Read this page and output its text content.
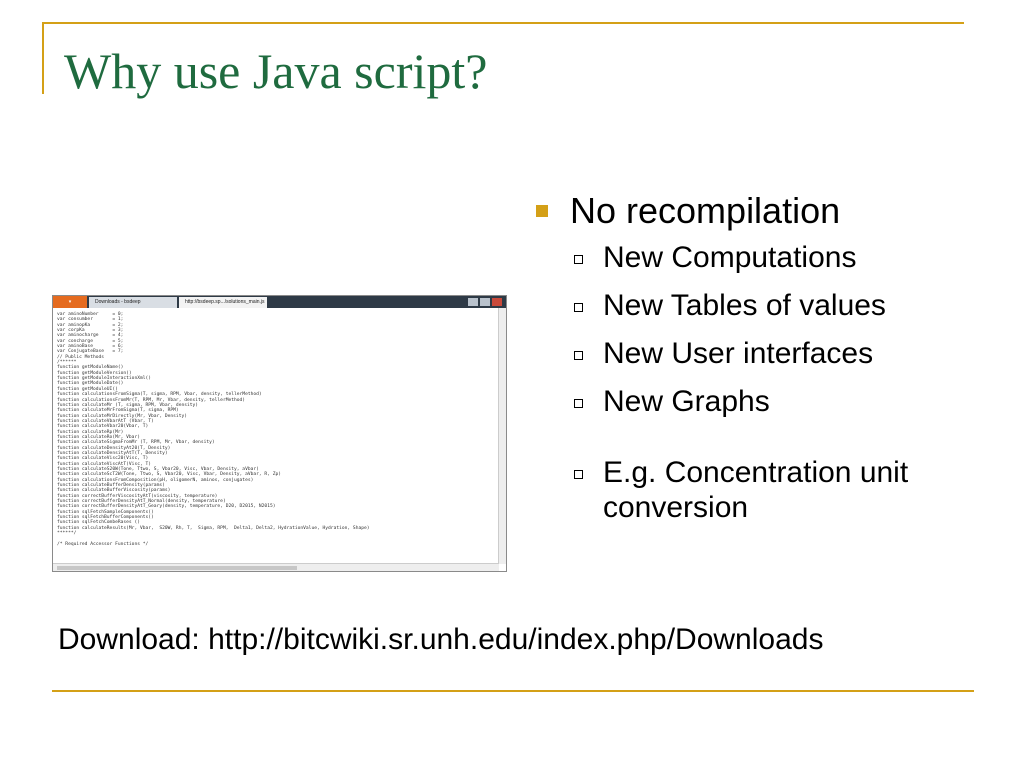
Why use Java script?
▾	Downloads - bsdeep	http://bsdeep.sp.../solutions_main.js
var aminoNumber     = 0;
var consumber       = 1;
var aminopKa        = 2;
var corpKa          = 3;
var aminocharge     = 4;
var concharge       = 5;
var aminoBase       = 6;
var ConjugateBase   = 7;
// Public Methods
/******
function getModuleName()
function getModuleVersion()
function getModuleInteractionXml()
function getModuleDate()
function getModuleUI()
function calculationsFromSigma(T, sigma, RPM, Vbar, density, tellerMethod)
function calculationsFromMr(T, RPM, Mr, Vbar, density, tellerMethod)
function calculateMr (T, sigma, RPM, Vbar, density)
function calculateMrFromSigma(T, sigma, RPM)
function calculateMrDirectly(Mr, Vbar, Density)
function calculateVbarAtT (Vbar, T)
function calculateVbar20(Vbar, T)
function calculateRp(Mr)
function calculateRo(Mr, Vbar)
function calculateSigmaFromMr (T, RPM, Mr, Vbar, density)
function calculateDensityAt20(T, Density)
function calculateDensityAtT(T, Density)
function calculateVisc20(Visc, T)
function calculateViscAtT(Visc, T)
function calculateS20W(Tone, Ttwo, S, Vbar20, Visc, Vbar, Density, aVbar)
function calculateScT2W(Tone, Ttwo, S, Vbar20, Visc, Vbar, Density, aVbar, R, Zp)
function calculationsFromComposition(pH, oligomerN, aminos, conjugates)
function calculateBufferDensity(params)
function calculateBufferViscosity(params)
function correctBufferViscosityAtT(viscosity, temperature)
function correctBufferDensityAtT_Normal(density, temperature)
function correctBufferDensityAtT_Geary(density, temperature, D20, D2015, N2015)
function sqlFetchSampleComponents()
function sqlFetchBufferComponents()
function sqlFetchCombeRases ()
function calculateResults(Mr, Vbar,  S20W, Rh, T,  Sigma, RPM,  Delta1, Delta2, HydrationValue, Hydration, Shape)
******/

/* Required Accessor Functions */
No recompilation
New Computations
New Tables of values
New User interfaces
New Graphs
E.g. Concentration unit conversion
Download: http://bitcwiki.sr.unh.edu/index.php/Downloads
